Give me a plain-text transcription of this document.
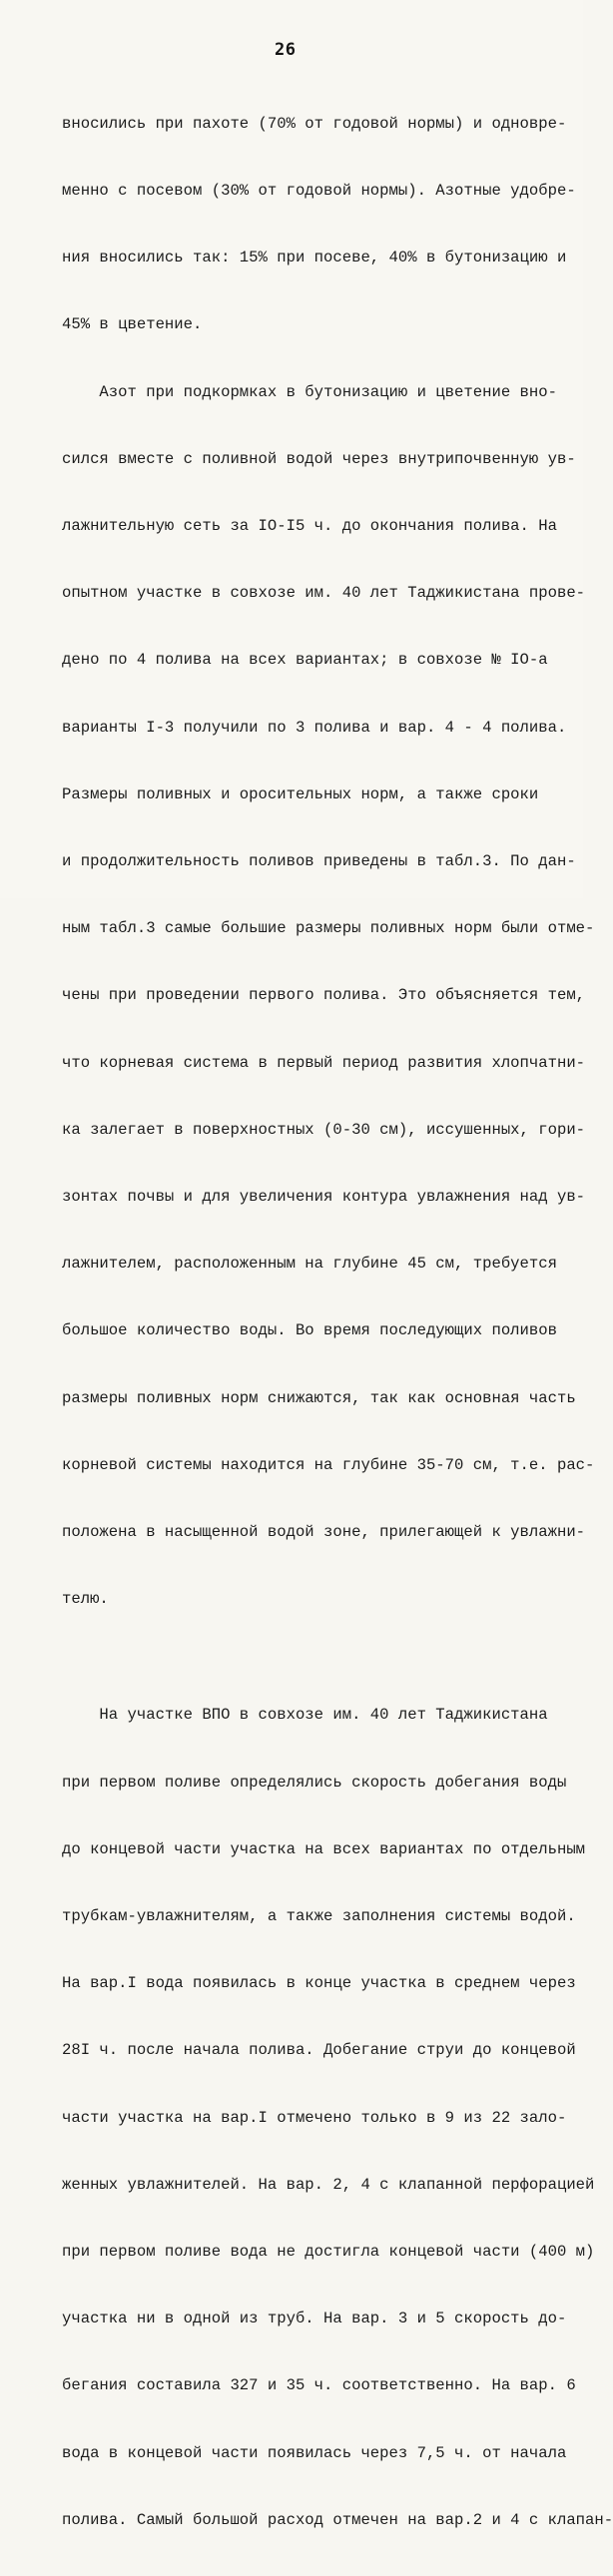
26

вносились при пахоте (70% от годовой нормы) и одновре-

менно с посевом (30% от годовой нормы). Азотные удобре-

ния вносились так: 15% при посеве, 40% в бутонизацию и

45% в цветение.

Азот при подкормках в бутонизацию и цветение вно-

сился вместе с поливной водой через внутрипочвенную ув-

лажнительную сеть за IO-I5 ч. до окончания полива. На

опытном участке в совхозе им. 40 лет Таджикистана прове-

дено по 4 полива на всех вариантах; в совхозе № IO-а

варианты I-3 получили по 3 полива и вар. 4 - 4 полива.

Размеры поливных и оросительных норм, а также сроки

и продолжительность поливов приведены в табл.3. По дан-

ным табл.3 самые большие размеры поливных норм были отме-

чены при проведении первого полива. Это объясняется тем,

что корневая система в первый период развития хлопчатни-

ка залегает в поверхностных (0-30 см), иссушенных, гори-

зонтах почвы и для увеличения контура увлажнения над ув-

лажнителем, расположенным на глубине 45 см, требуется

большое количество воды. Во время последующих поливов

размеры поливных норм снижаются, так как основная часть

корневой системы находится на глубине 35-70 см, т.е. рас-

положена в насыщенной водой зоне, прилегающей к увлажни-

телю.

На участке ВПО в совхозе им. 40 лет Таджикистана

при первом поливе определялись скорость добегания воды

до концевой части участка на всех вариантах по отдельным

трубкам-увлажнителям, а также заполнения системы водой.

На вар.I вода появилась в конце участка в среднем через

28I ч. после начала полива. Добегание струи до концевой

части участка на вар.I отмечено только в 9 из 22 зало-

женных увлажнителей. На вар. 2, 4 с клапанной перфорацией

при первом поливе вода не достигла концевой части (400 м)

участка ни в одной из труб. На вар. 3 и 5 скорость до-

бегания составила 327 и 35 ч. соответственно. На вар. 6

вода в концевой части появилась через 7,5 ч. от начала

полива. Самый большой расход отмечен на вар.2 и 4 с клапан-
